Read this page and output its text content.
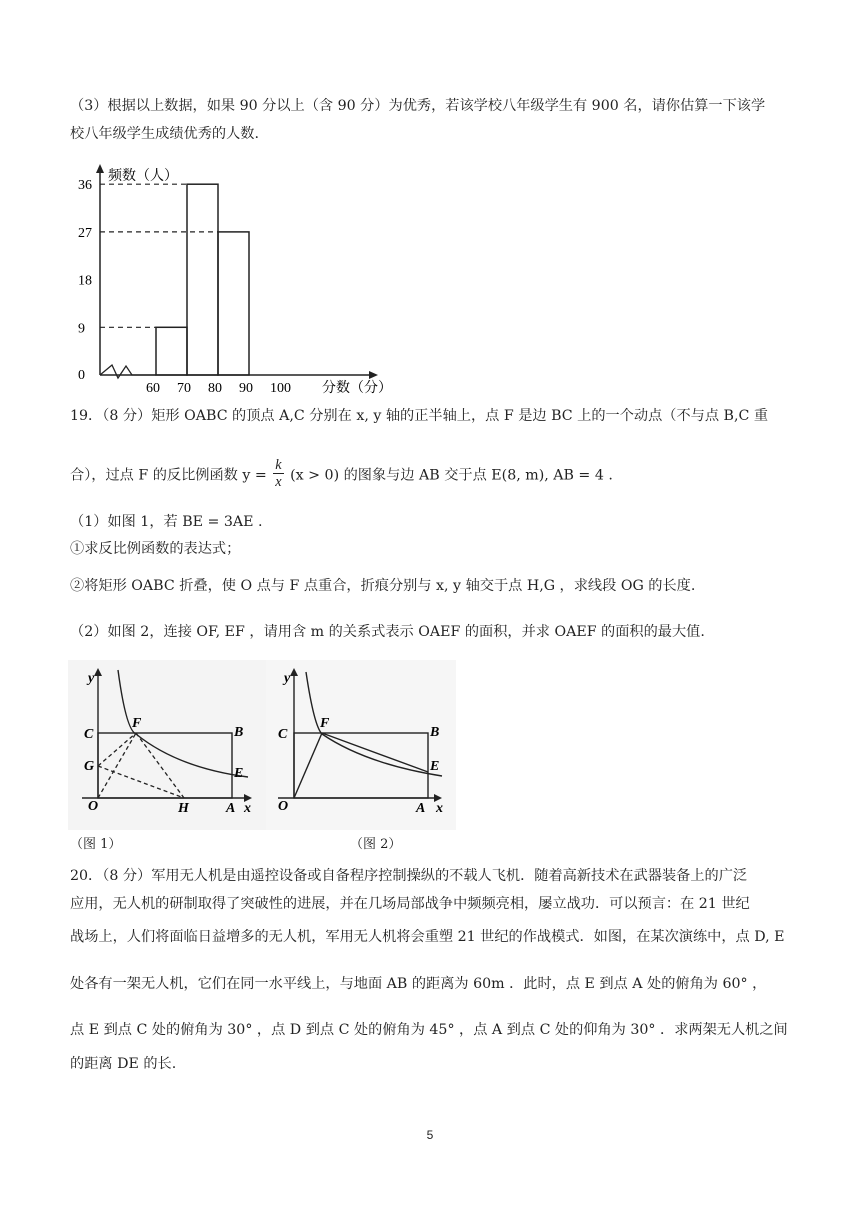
（3）根据以上数据，如果 90 分以上（含 90 分）为优秀，若该学校八年级学生有 900 名，请你估算一下该学
校八年级学生成绩优秀的人数.
0
9
18
27
36
60 70 80 90 100
频数（人）
分数（分）
19．（8 分）矩形 OABC 的顶点 A,C 分别在 x, y 轴的正半轴上，点 F 是边 BC 上的一个动点（不与点 B,C 重
合），过点 F 的反比例函数 $y = \frac{k}{x} (x > 0)$ 的图象与边 AB 交于点 E(8, m), AB = 4 .
（1）如图 1，若 BE = 3AE .
①求反比例函数的表达式；
②将矩形 OABC 折叠，使 O 点与 F 点重合，折痕分别与 x, y 轴交于点 H,G ，求线段 OG 的长度.
（2）如图 2，连接 OF, EF ，请用含 m 的关系式表示 OAEF 的面积，并求 OAEF 的面积的最大值.
y
C
F
B
G	E
O	H	A x
（图 1）
y
C
F
B
E
O	A x
（图 2）
20．（8 分）军用无人机是由遥控设备或自备程序控制操纵的不载人飞机．随着高新技术在武器装备上的广泛
应用，无人机的研制取得了突破性的进展，并在几场局部战争中频频亮相，屡立战功．可以预言：在 21 世纪
战场上，人们将面临日益增多的无人机，军用无人机将会重塑 21 世纪的作战模式．如图，在某次演练中，点 D, E
处各有一架无人机，它们在同一水平线上，与地面 AB 的距离为 60m ．此时，点 E 到点 A 处的俯角为 60° ，
点 E 到点 C 处的俯角为 30° ，点 D 到点 C 处的俯角为 45° ，点 A 到点 C 处的仰角为 30° ．求两架无人机之间
的距离 DE 的长.
5
